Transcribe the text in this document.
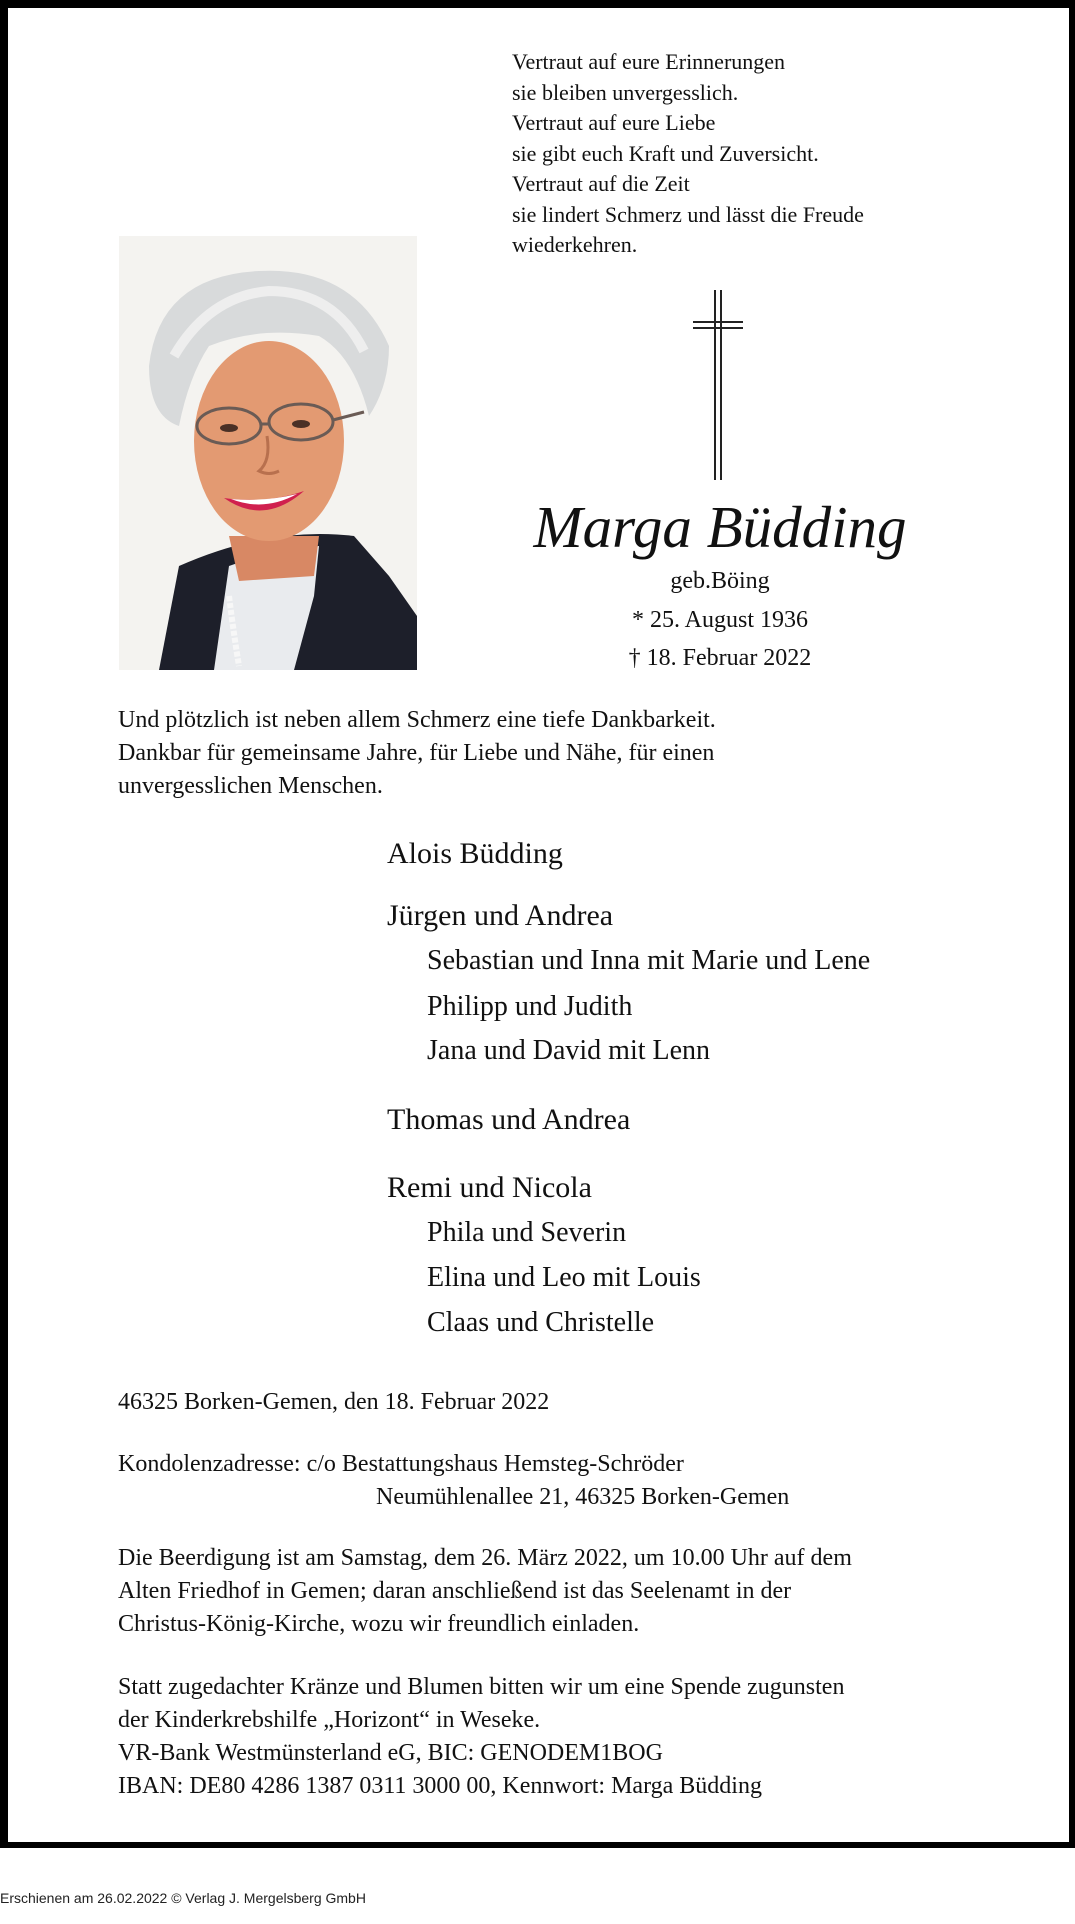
Vertraut auf eure Erinnerungen
sie bleiben unvergesslich.
Vertraut auf eure Liebe
sie gibt euch Kraft und Zuversicht.
Vertraut auf die Zeit
sie lindert Schmerz und lässt die Freude
wiederkehren.
Marga Büdding
geb.Böing
* 25. August 1936
† 18. Februar 2022
Und plötzlich ist neben allem Schmerz eine tiefe Dankbarkeit.
Dankbar für gemeinsame Jahre, für Liebe und Nähe, für einen
unvergesslichen Menschen.
Alois Büdding
Jürgen und Andrea
Sebastian und Inna mit Marie und Lene
Philipp und Judith
Jana und David mit Lenn
Thomas und Andrea
Remi und Nicola
Phila und Severin
Elina und Leo mit Louis
Claas und Christelle
46325 Borken-Gemen, den 18. Februar 2022
Kondolenzadresse: c/o Bestattungshaus Hemsteg-Schröder
Neumühlenallee 21, 46325 Borken-Gemen
Die Beerdigung ist am Samstag, dem 26. März 2022, um 10.00 Uhr auf dem
Alten Friedhof in Gemen; daran anschließend ist das Seelenamt in der
Christus-König-Kirche, wozu wir freundlich einladen.
Statt zugedachter Kränze und Blumen bitten wir um eine Spende zugunsten
der Kinderkrebshilfe „Horizont“ in Weseke.
VR-Bank Westmünsterland eG, BIC: GENODEM1BOG
IBAN: DE80 4286 1387 0311 3000 00, Kennwort: Marga Büdding
Erschienen am 26.02.2022 © Verlag J. Mergelsberg GmbH
